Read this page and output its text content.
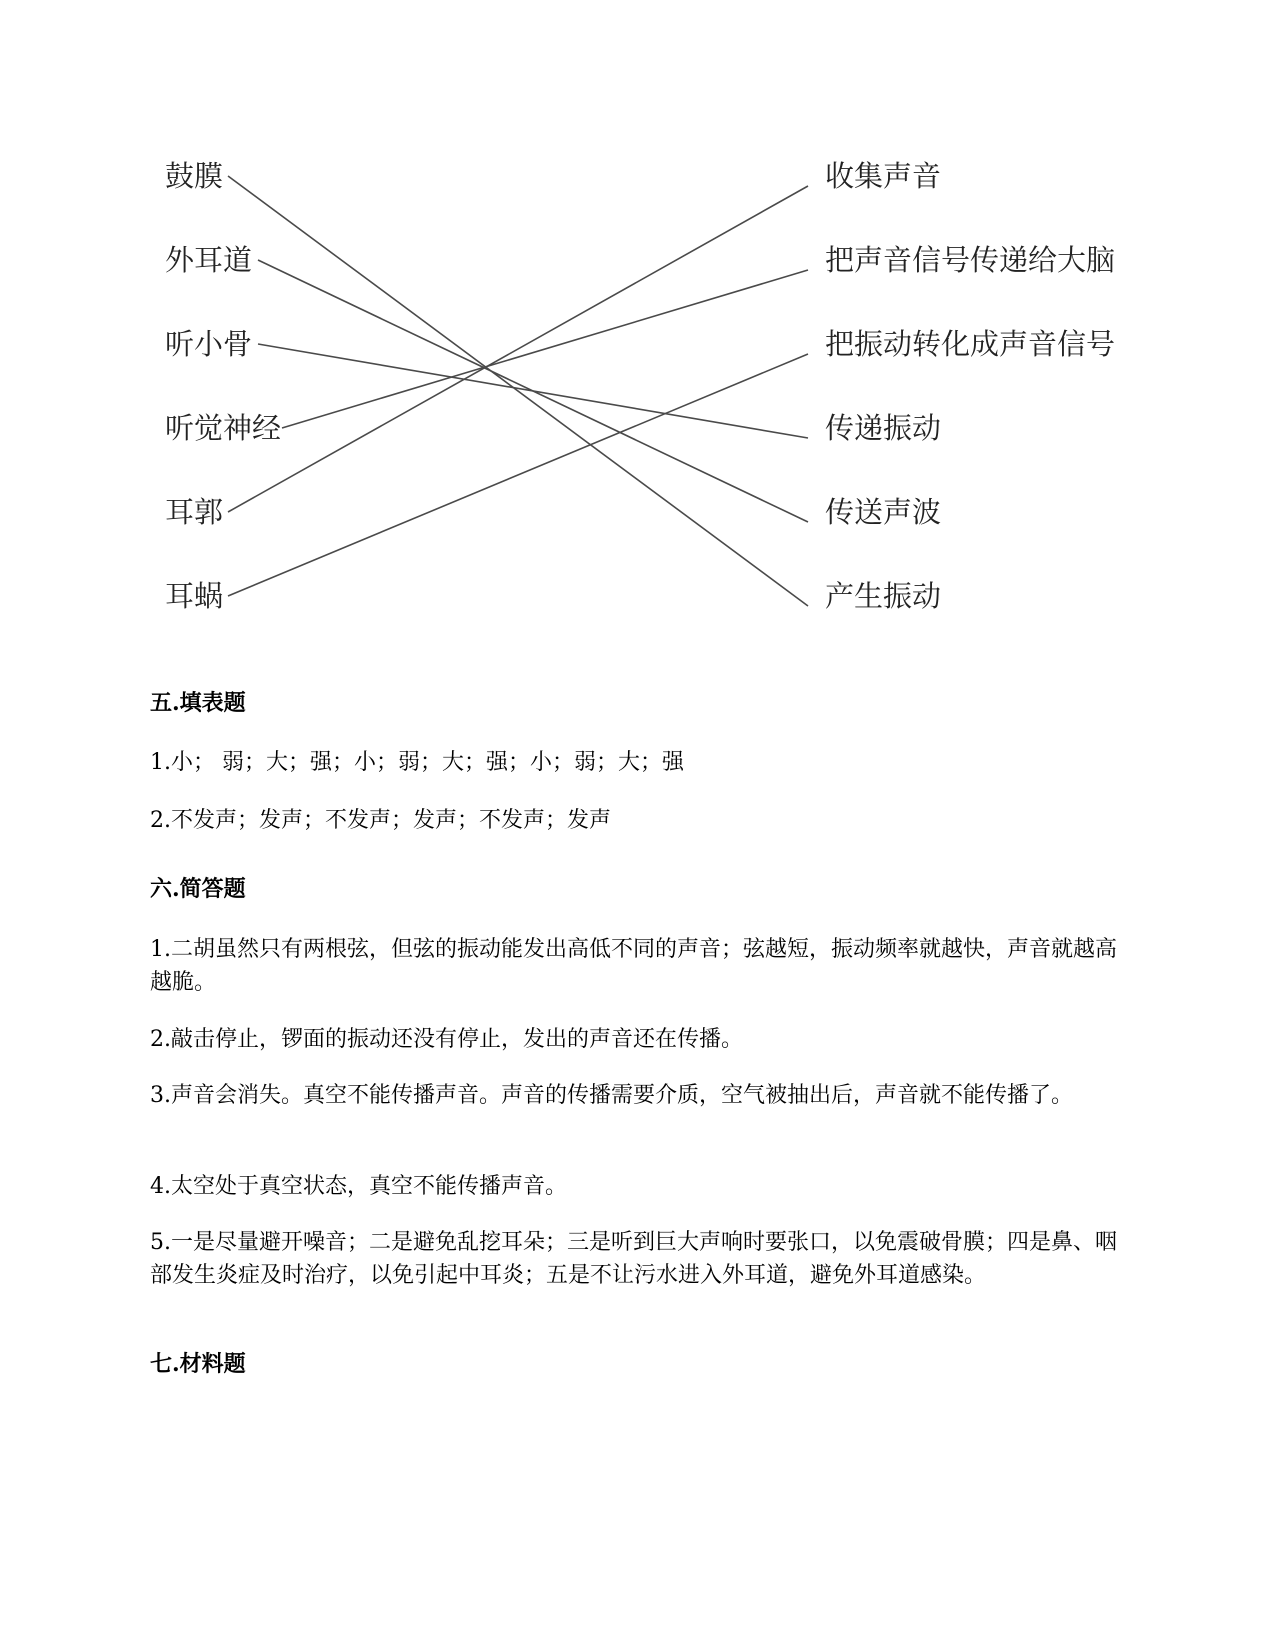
鼓膜
外耳道
听小骨
听觉神经
耳郭
耳蜗
收集声音
把声音信号传递给大脑
把振动转化成声音信号
传递振动
传送声波
产生振动
五.填表题
1.小； 弱；大；强；小；弱；大；强；小；弱；大；强
2.不发声；发声；不发声；发声；不发声；发声
六.简答题
1.二胡虽然只有两根弦，但弦的振动能发出高低不同的声音；弦越短，振动频率就越快，声音就越高越脆。
2.敲击停止，锣面的振动还没有停止，发出的声音还在传播。
3.声音会消失。真空不能传播声音。声音的传播需要介质，空气被抽出后，声音就不能传播了。
4.太空处于真空状态，真空不能传播声音。
5.一是尽量避开噪音；二是避免乱挖耳朵；三是听到巨大声响时要张口，以免震破骨膜；四是鼻、咽部发生炎症及时治疗，以免引起中耳炎；五是不让污水进入外耳道，避免外耳道感染。
七.材料题
